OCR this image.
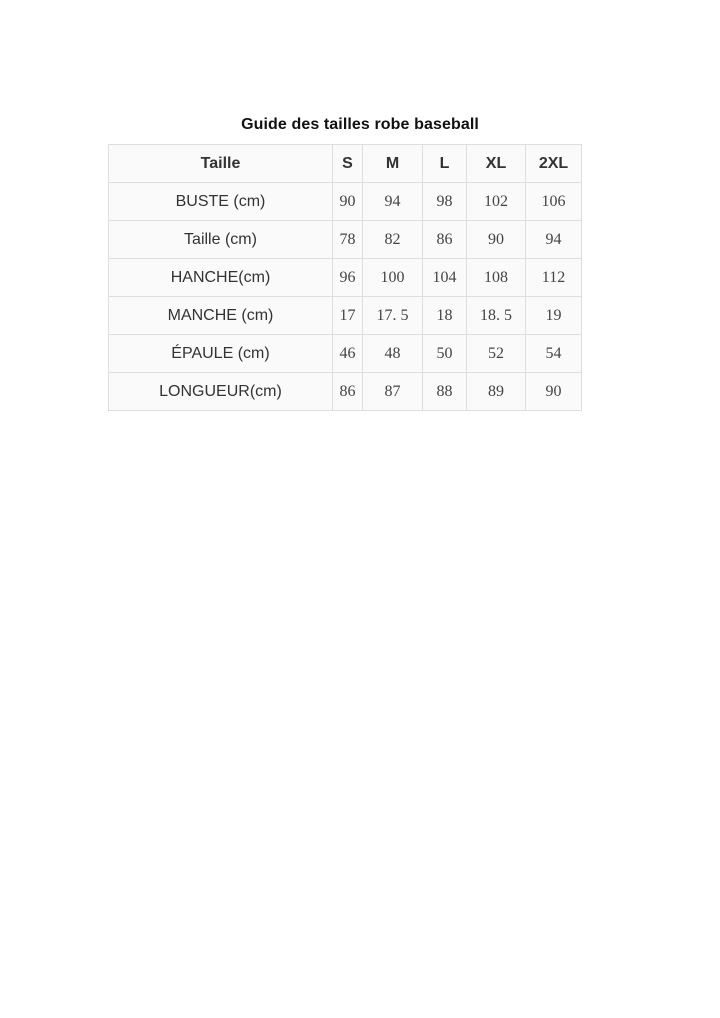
Guide des tailles robe baseball
Taille	S	M	L	XL	2XL
BUSTE (cm)	90	94	98	102	106
Taille (cm)	78	82	86	90	94
HANCHE(cm)	96	100	104	108	112
MANCHE (cm)	17	17. 5	18	18. 5	19
ÉPAULE (cm)	46	48	50	52	54
LONGUEUR(cm)	86	87	88	89	90
